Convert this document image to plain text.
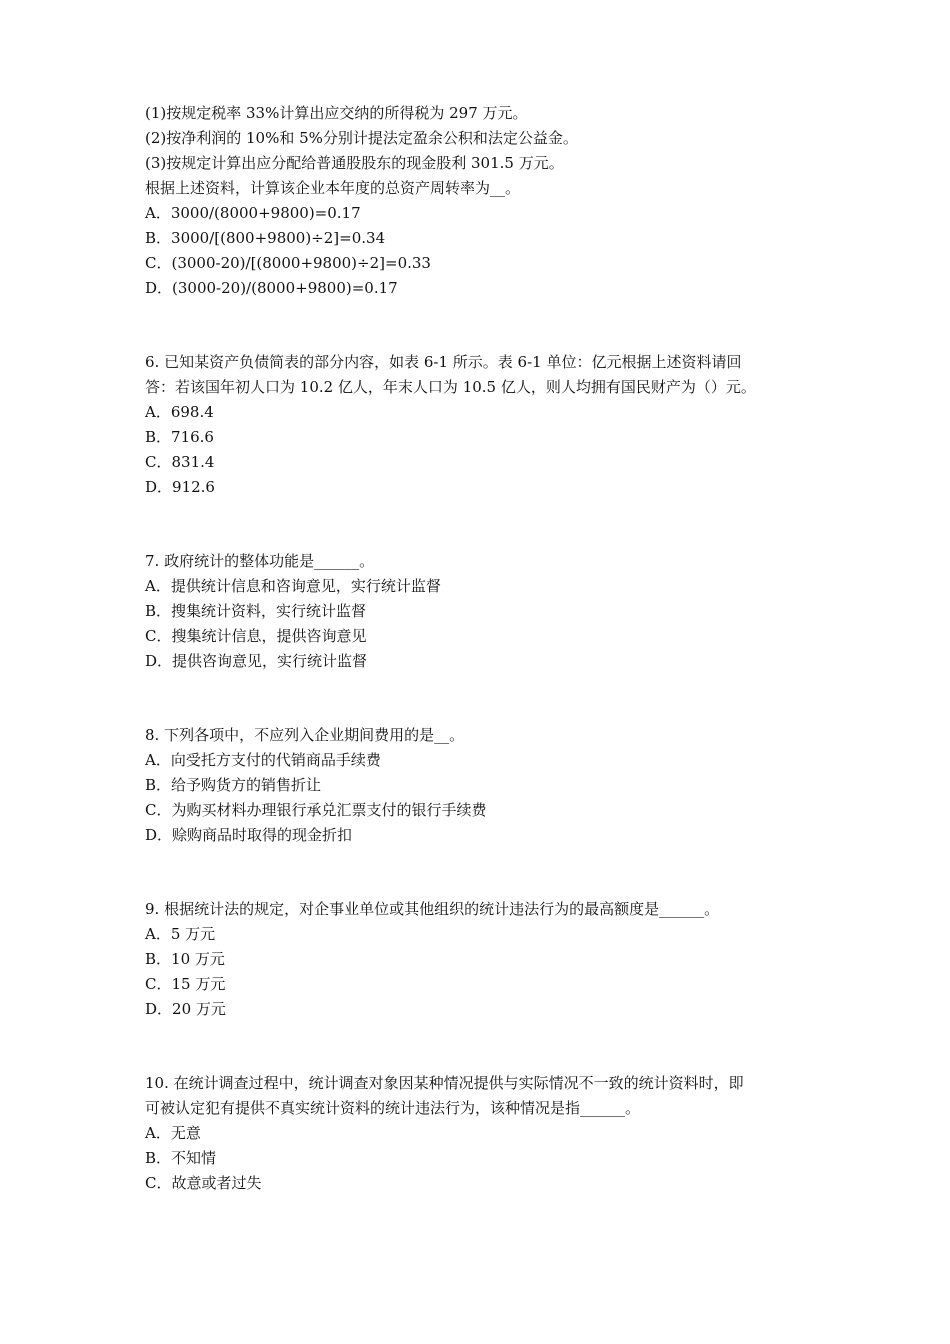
(1)按规定税率 33%计算出应交纳的所得税为 297 万元。
(2)按净利润的 10%和 5%分别计提法定盈余公积和法定公益金。
(3)按规定计算出应分配给普通股股东的现金股利 301.5 万元。
根据上述资料，计算该企业本年度的总资产周转率为__。
A．3000/(8000+9800)=0.17
B．3000/[(800+9800)÷2]=0.34
C．(3000-20)/[(8000+9800)÷2]=0.33
D．(3000-20)/(8000+9800)=0.17
6. 已知某资产负债简表的部分内容，如表 6-1 所示。表 6-1 单位：亿元根据上述资料请回
答：若该国年初人口为 10.2 亿人，年末人口为 10.5 亿人，则人均拥有国民财产为（）元。
A．698.4
B．716.6
C．831.4
D．912.6
7. 政府统计的整体功能是______。
A．提供统计信息和咨询意见，实行统计监督
B．搜集统计资料，实行统计监督
C．搜集统计信息，提供咨询意见
D．提供咨询意见，实行统计监督
8. 下列各项中，不应列入企业期间费用的是__。
A．向受托方支付的代销商品手续费
B．给予购货方的销售折让
C．为购买材料办理银行承兑汇票支付的银行手续费
D．赊购商品时取得的现金折扣
9. 根据统计法的规定，对企事业单位或其他组织的统计违法行为的最高额度是______。
A．5 万元
B．10 万元
C．15 万元
D．20 万元
10. 在统计调查过程中，统计调查对象因某种情况提供与实际情况不一致的统计资料时，即
可被认定犯有提供不真实统计资料的统计违法行为，该种情况是指______。
A．无意
B．不知情
C．故意或者过失
